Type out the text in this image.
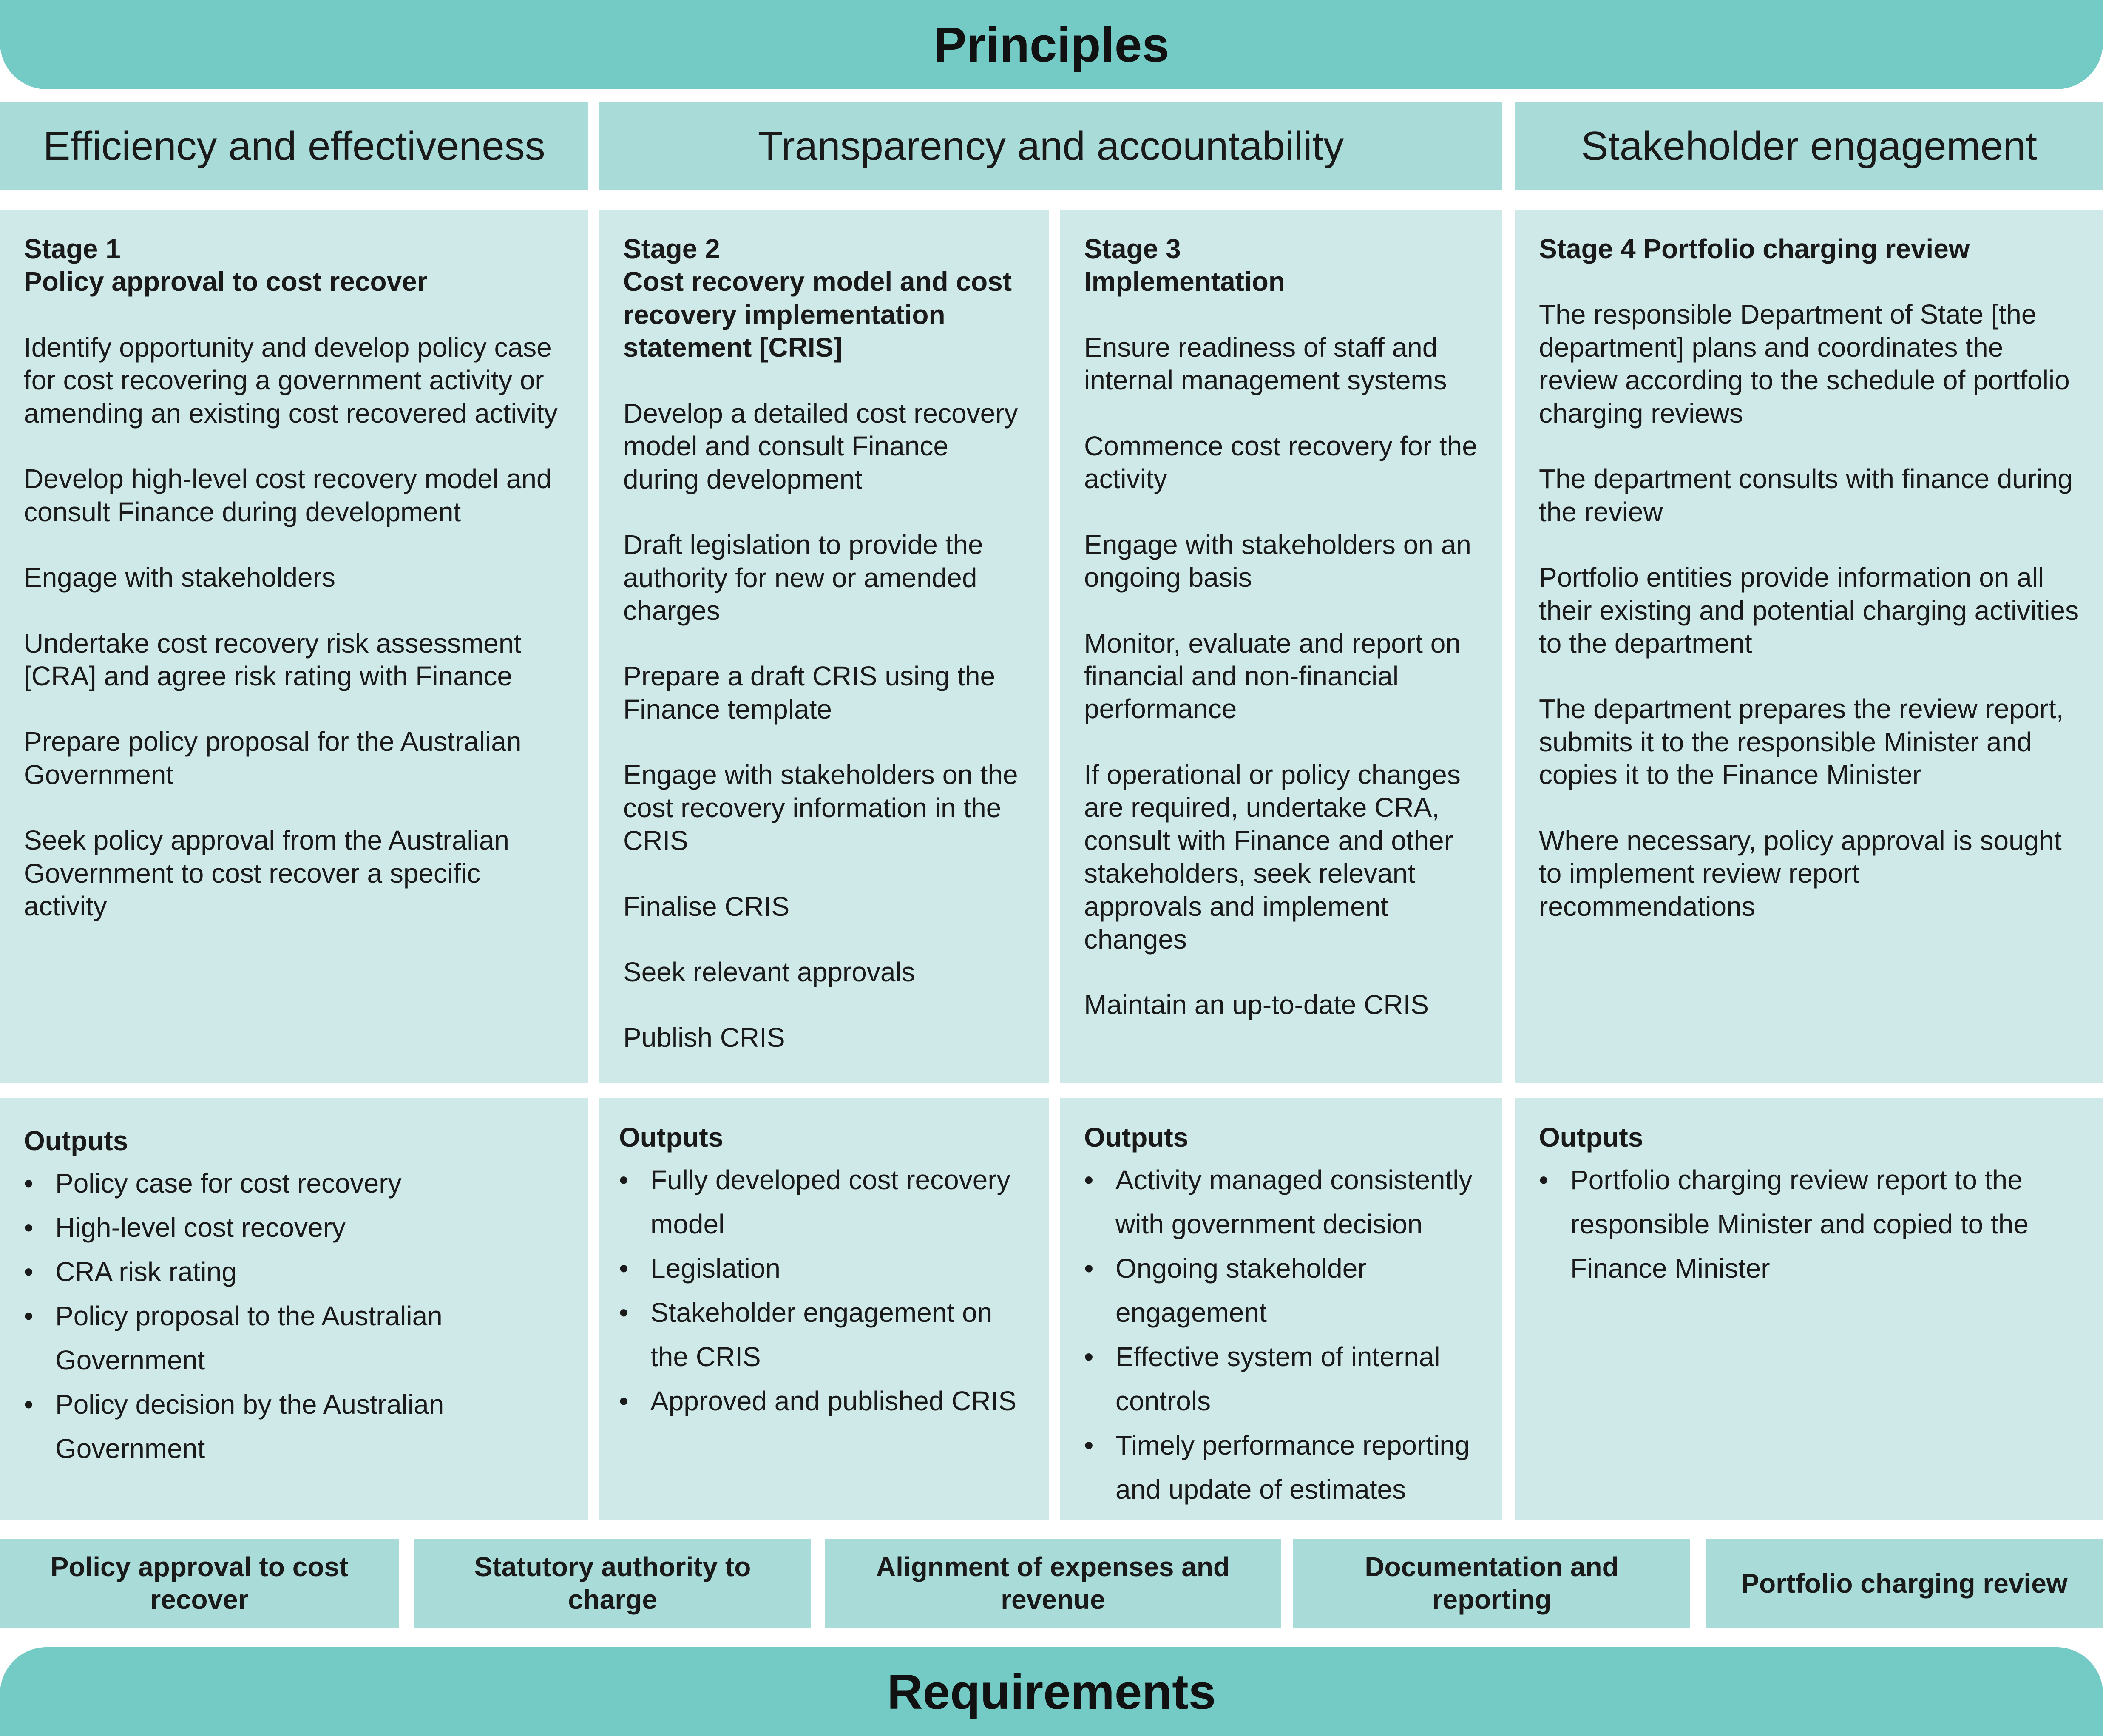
Principles
Efficiency and effectiveness	Transparency and accountability	Stakeholder engagement
Stage 1
Policy approval to cost recover

Identify opportunity and develop policy case for cost recovering a government activity or amending an existing cost recovered activity

Develop high-level cost recovery model and consult Finance during development

Engage with stakeholders

Undertake cost recovery risk assessment [CRA] and agree risk rating with Finance

Prepare policy proposal for the Australian Government

Seek policy approval from the Australian Government to cost recover a specific activity

Stage 2
Cost recovery model and cost recovery implementation statement [CRIS]

Develop a detailed cost recovery model and consult Finance during development

Draft legislation to provide the authority for new or amended charges

Prepare a draft CRIS using the Finance template

Engage with stakeholders on the cost recovery information in the CRIS

Finalise CRIS

Seek relevant approvals

Publish CRIS

Stage 3
Implementation

Ensure readiness of staff and internal management systems

Commence cost recovery for the activity

Engage with stakeholders on an ongoing basis

Monitor, evaluate and report on financial and non-financial performance

If operational or policy changes are required, undertake CRA, consult with Finance and other stakeholders, seek relevant approvals and implement changes

Maintain an up-to-date CRIS

Stage 4 Portfolio charging review

The responsible Department of State [the department] plans and coordinates the review according to the schedule of portfolio charging reviews

The department consults with finance during the review

Portfolio entities provide information on all their existing and potential charging activities to the department

The department prepares the review report, submits it to the responsible Minister and copies it to the Finance Minister

Where necessary, policy approval is sought to implement review report recommendations

Outputs
• Policy case for cost recovery
• High-level cost recovery
• CRA risk rating
• Policy proposal to the Australian Government
• Policy decision by the Australian Government
Outputs
• Fully developed cost recovery model
• Legislation
• Stakeholder engagement on the CRIS
• Approved and published CRIS
Outputs
• Activity managed consistently with government decision
• Ongoing stakeholder engagement
• Effective system of internal controls
• Timely performance reporting and update of estimates
Outputs
• Portfolio charging review report to the responsible Minister and copied to the Finance Minister
Policy approval to cost recover
Statutory authority to charge
Alignment of expenses and revenue
Documentation and reporting
Portfolio charging review
Requirements
